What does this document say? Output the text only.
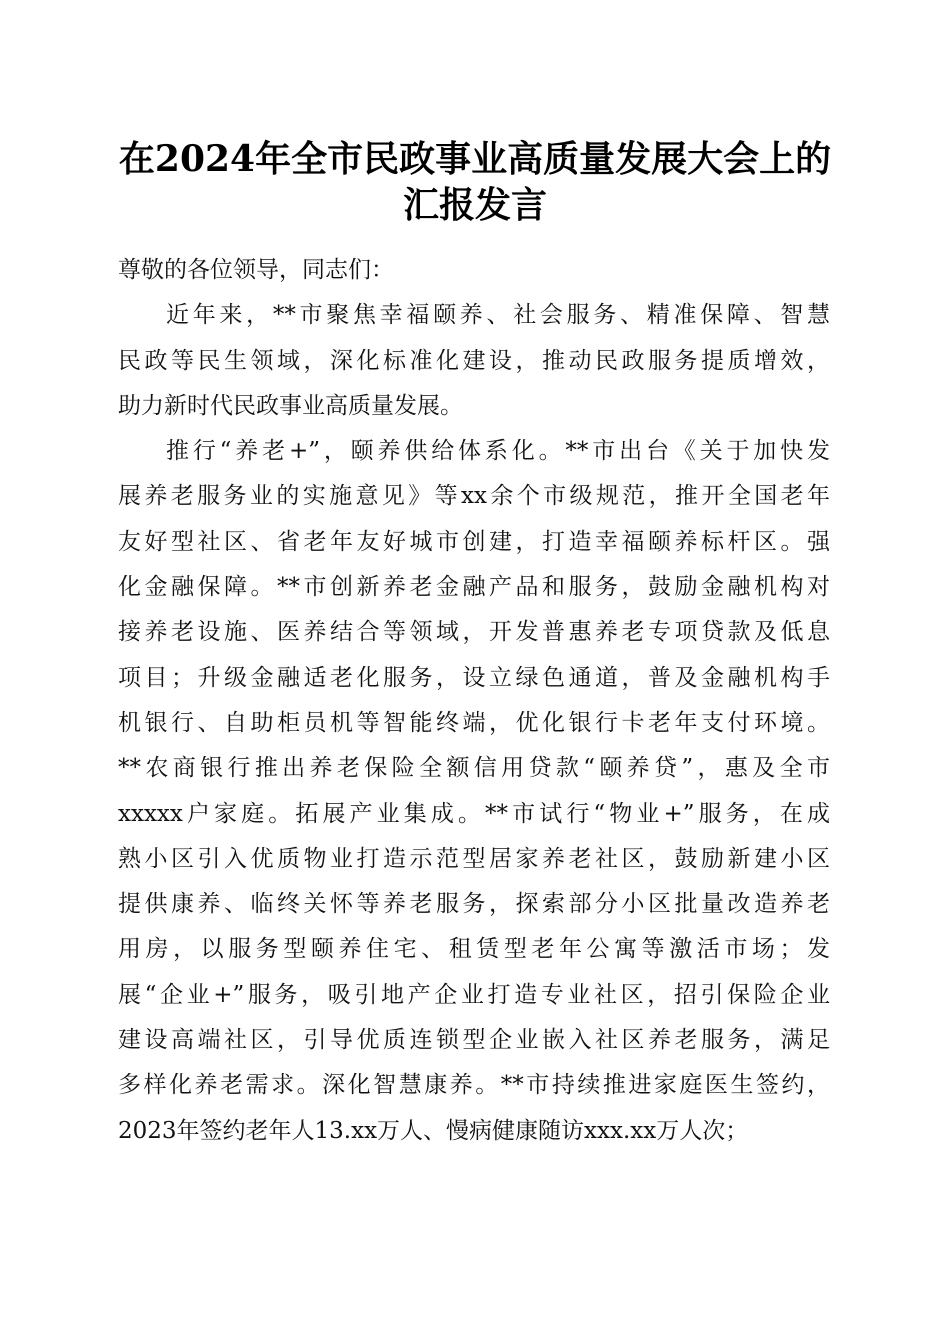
在2024年全市民政事业高质量发展大会上的
汇报发言
尊敬的各位领导，同志们：
近年来，**市聚焦幸福颐养、社会服务、精准保障、智慧
民政等民生领域，深化标准化建设，推动民政服务提质增效，
助力新时代民政事业高质量发展。
推行“养老+”，颐养供给体系化。**市出台《关于加快发
展养老服务业的实施意见》等xx余个市级规范，推开全国老年
友好型社区、省老年友好城市创建，打造幸福颐养标杆区。强
化金融保障。**市创新养老金融产品和服务，鼓励金融机构对
接养老设施、医养结合等领域，开发普惠养老专项贷款及低息
项目；升级金融适老化服务，设立绿色通道，普及金融机构手
机银行、自助柜员机等智能终端，优化银行卡老年支付环境。
**农商银行推出养老保险全额信用贷款“颐养贷”，惠及全市
xxxxx户家庭。拓展产业集成。**市试行“物业+”服务，在成
熟小区引入优质物业打造示范型居家养老社区，鼓励新建小区
提供康养、临终关怀等养老服务，探索部分小区批量改造养老
用房，以服务型颐养住宅、租赁型老年公寓等激活市场；发
展“企业+”服务，吸引地产企业打造专业社区，招引保险企业
建设高端社区，引导优质连锁型企业嵌入社区养老服务，满足
多样化养老需求。深化智慧康养。**市持续推进家庭医生签约，
2023年签约老年人13.xx万人、慢病健康随访xxx.xx万人次；
